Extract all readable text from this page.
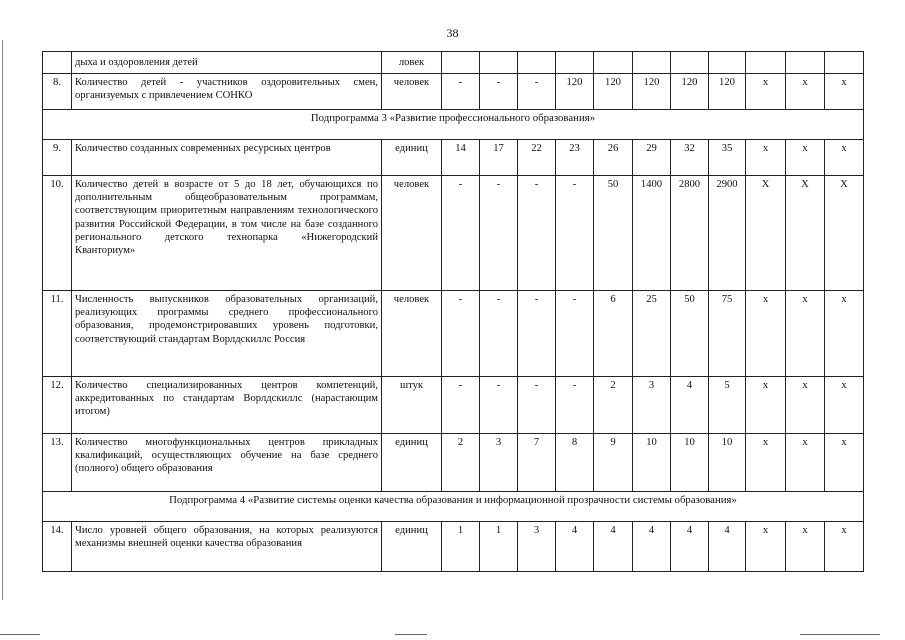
38
	дыха и оздоровления детей	ловек											
8.	Количество детей - участников оздоровительных смен, организуемых с привлечением СОНКО	человек	-	-	-	120	120	120	120	120	х	х	х
Подпрограмма 3 «Развитие профессионального образования»													
9.	Количество созданных современных ресурсных центров	единиц	14	17	22	23	26	29	32	35	х	х	х
10.	Количество детей в возрасте от 5 до 18 лет, обучающихся по дополнительным общеобразовательным программам, соответствующим приоритетным направлениям технологического развития Российской Федерации, в том числе на базе созданного регионального детского технопарка «Нижегородский Кванториум»	человек	-	-	-	-	50	1400	2800	2900	Х	Х	Х
11.	Численность выпускников образовательных организаций, реализующих программы среднего профессионального образования, продемонстрировавших уровень подготовки, соответствующий стандартам Ворлдскиллс Россия	человек	-	-	-	-	6	25	50	75	х	х	х
12.	Количество специализированных центров компетенций, аккредитованных по стандартам Ворлдскиллс (нарастающим итогом)	штук	-	-	-	-	2	3	4	5	х	х	х
13.	Количество многофункциональных центров прикладных квалификаций, осуществляющих обучение на базе среднего (полного) общего образования	единиц	2	3	7	8	9	10	10	10	х	х	х
Подпрограмма 4 «Развитие системы оценки качества образования и информационной прозрачности системы образования»													
14.	Число уровней общего образования, на которых реализуются механизмы внешней оценки качества образования	единиц	1	1	3	4	4	4	4	4	х	х	х
